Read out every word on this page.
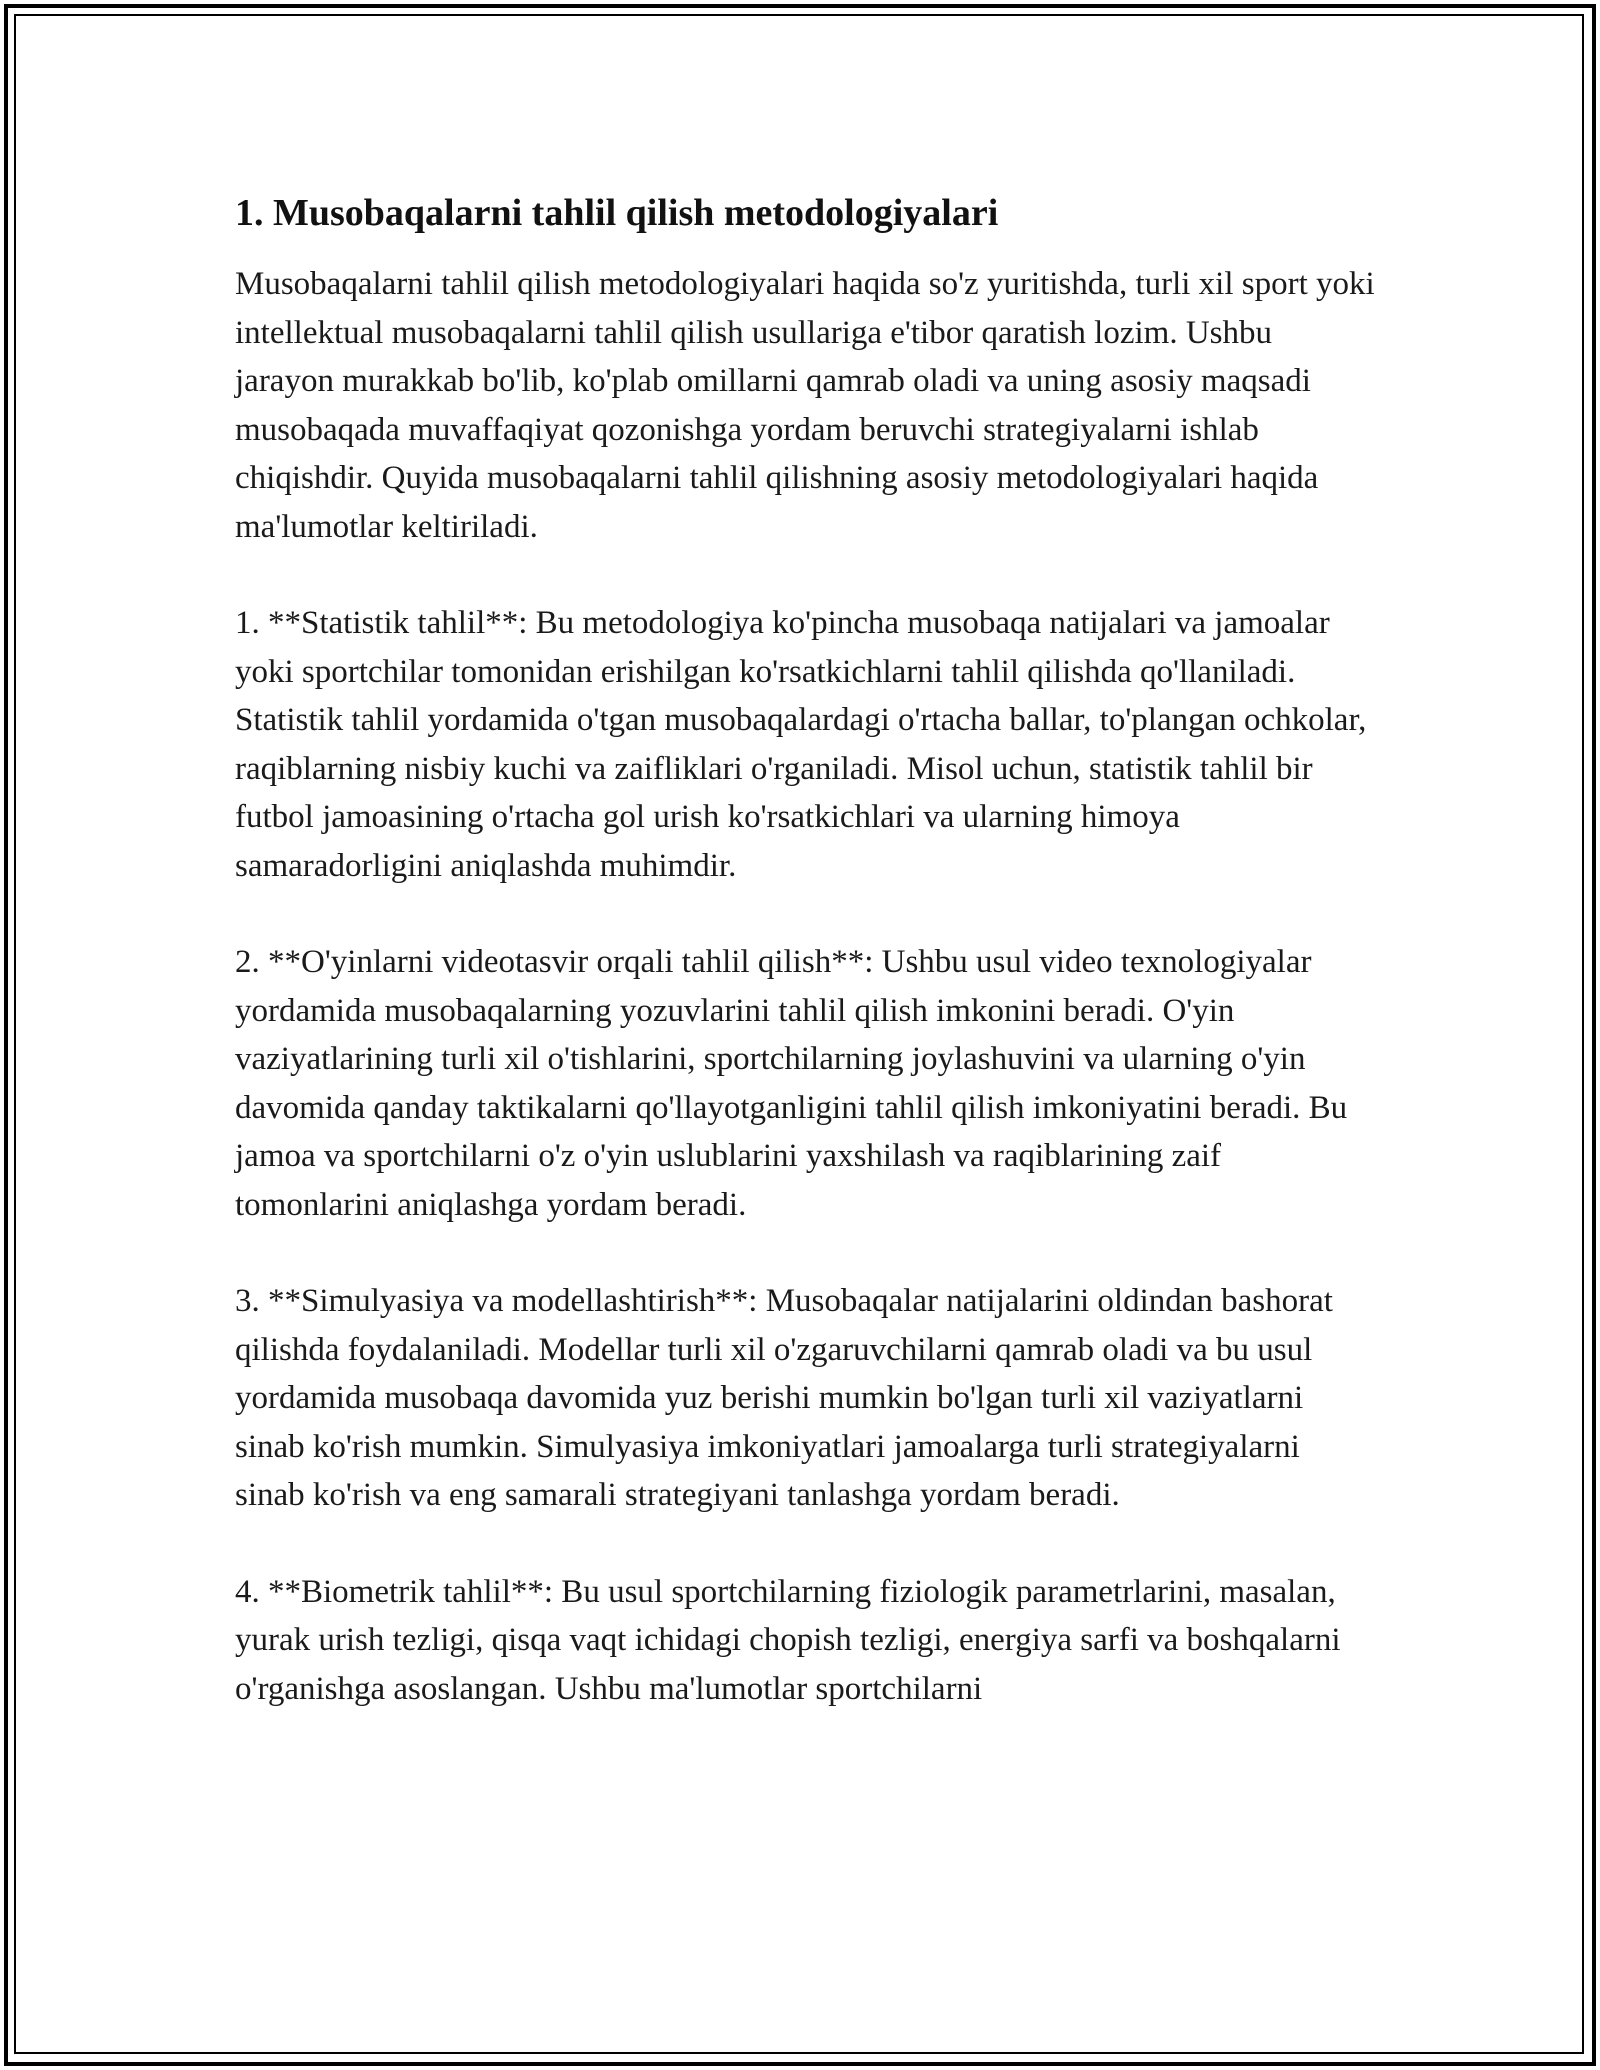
1. Musobaqalarni tahlil qilish metodologiyalari

Musobaqalarni tahlil qilish metodologiyalari haqida so'z yuritishda, turli xil sport yoki intellektual musobaqalarni tahlil qilish usullariga e'tibor qaratish lozim. Ushbu jarayon murakkab bo'lib, ko'plab omillarni qamrab oladi va uning asosiy maqsadi musobaqada muvaffaqiyat qozonishga yordam beruvchi strategiyalarni ishlab chiqishdir. Quyida musobaqalarni tahlil qilishning asosiy metodologiyalari haqida ma'lumotlar keltiriladi.

1. **Statistik tahlil**: Bu metodologiya ko'pincha musobaqa natijalari va jamoalar yoki sportchilar tomonidan erishilgan ko'rsatkichlarni tahlil qilishda qo'llaniladi. Statistik tahlil yordamida o'tgan musobaqalardagi o'rtacha ballar, to'plangan ochkolar, raqiblarning nisbiy kuchi va zaifliklari o'rganiladi. Misol uchun, statistik tahlil bir futbol jamoasining o'rtacha gol urish ko'rsatkichlari va ularning himoya samaradorligini aniqlashda muhimdir.

2. **O'yinlarni videotasvir orqali tahlil qilish**: Ushbu usul video texnologiyalar yordamida musobaqalarning yozuvlarini tahlil qilish imkonini beradi. O'yin vaziyatlarining turli xil o'tishlarini, sportchilarning joylashuvini va ularning o'yin davomida qanday taktikalarni qo'llayotganligini tahlil qilish imkoniyatini beradi. Bu jamoa va sportchilarni o'z o'yin uslublarini yaxshilash va raqiblarining zaif tomonlarini aniqlashga yordam beradi.

3. **Simulyasiya va modellashtirish**: Musobaqalar natijalarini oldindan bashorat qilishda foydalaniladi. Modellar turli xil o'zgaruvchilarni qamrab oladi va bu usul yordamida musobaqa davomida yuz berishi mumkin bo'lgan turli xil vaziyatlarni sinab ko'rish mumkin. Simulyasiya imkoniyatlari jamoalarga turli strategiyalarni sinab ko'rish va eng samarali strategiyani tanlashga yordam beradi.

4. **Biometrik tahlil**: Bu usul sportchilarning fiziologik parametrlarini, masalan, yurak urish tezligi, qisqa vaqt ichidagi chopish tezligi, energiya sarfi va boshqalarni o'rganishga asoslangan. Ushbu ma'lumotlar sportchilarni
